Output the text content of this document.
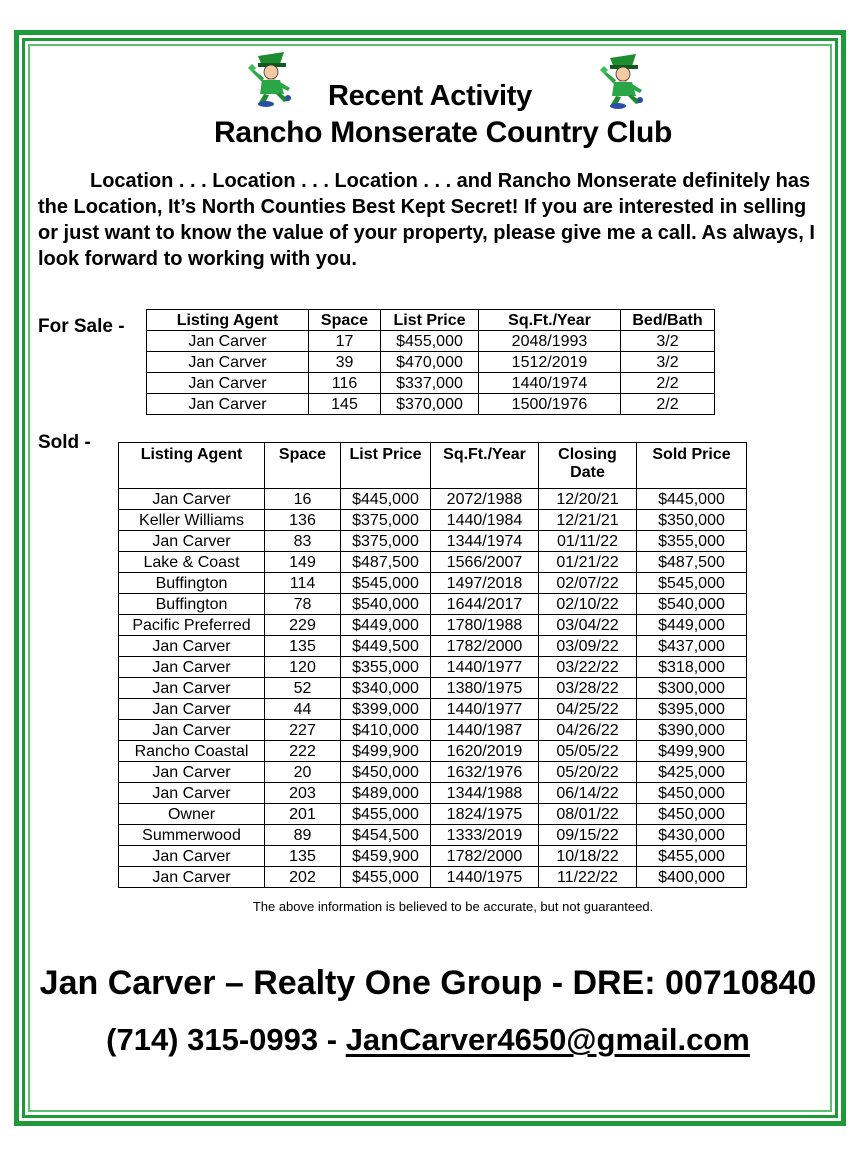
Recent Activity
Rancho Monserate Country Club
Location . . . Location . . . Location . . . and Rancho Monserate definitely has the Location, It’s North Counties Best Kept Secret! If you are interested in selling or just want to know the value of your property, please give me a call. As always, I look forward to working with you.
For Sale -	Listing Agent	Space	List Price	Sq.Ft./Year	Bed/Bath
Jan Carver	17	$455,000	2048/1993	3/2
Jan Carver	39	$470,000	1512/2019	3/2
Jan Carver	116	$337,000	1440/1974	2/2
Jan Carver	145	$370,000	1500/1976	2/2
Sold -
Listing Agent	Space	List Price	Sq.Ft./Year	Closing Date	Sold Price
Jan Carver	16	$445,000	2072/1988	12/20/21	$445,000
Keller Williams	136	$375,000	1440/1984	12/21/21	$350,000
Jan Carver	83	$375,000	1344/1974	01/11/22	$355,000
Lake & Coast	149	$487,500	1566/2007	01/21/22	$487,500
Buffington	114	$545,000	1497/2018	02/07/22	$545,000
Buffington	78	$540,000	1644/2017	02/10/22	$540,000
Pacific Preferred	229	$449,000	1780/1988	03/04/22	$449,000
Jan Carver	135	$449,500	1782/2000	03/09/22	$437,000
Jan Carver	120	$355,000	1440/1977	03/22/22	$318,000
Jan Carver	52	$340,000	1380/1975	03/28/22	$300,000
Jan Carver	44	$399,000	1440/1977	04/25/22	$395,000
Jan Carver	227	$410,000	1440/1987	04/26/22	$390,000
Rancho Coastal	222	$499,900	1620/2019	05/05/22	$499,900
Jan Carver	20	$450,000	1632/1976	05/20/22	$425,000
Jan Carver	203	$489,000	1344/1988	06/14/22	$450,000
Owner	201	$455,000	1824/1975	08/01/22	$450,000
Summerwood	89	$454,500	1333/2019	09/15/22	$430,000
Jan Carver	135	$459,900	1782/2000	10/18/22	$455,000
Jan Carver	202	$455,000	1440/1975	11/22/22	$400,000
The above information is believed to be accurate, but not guaranteed.
Jan Carver – Realty One Group - DRE: 00710840
(714) 315-0993 - JanCarver4650@gmail.com
